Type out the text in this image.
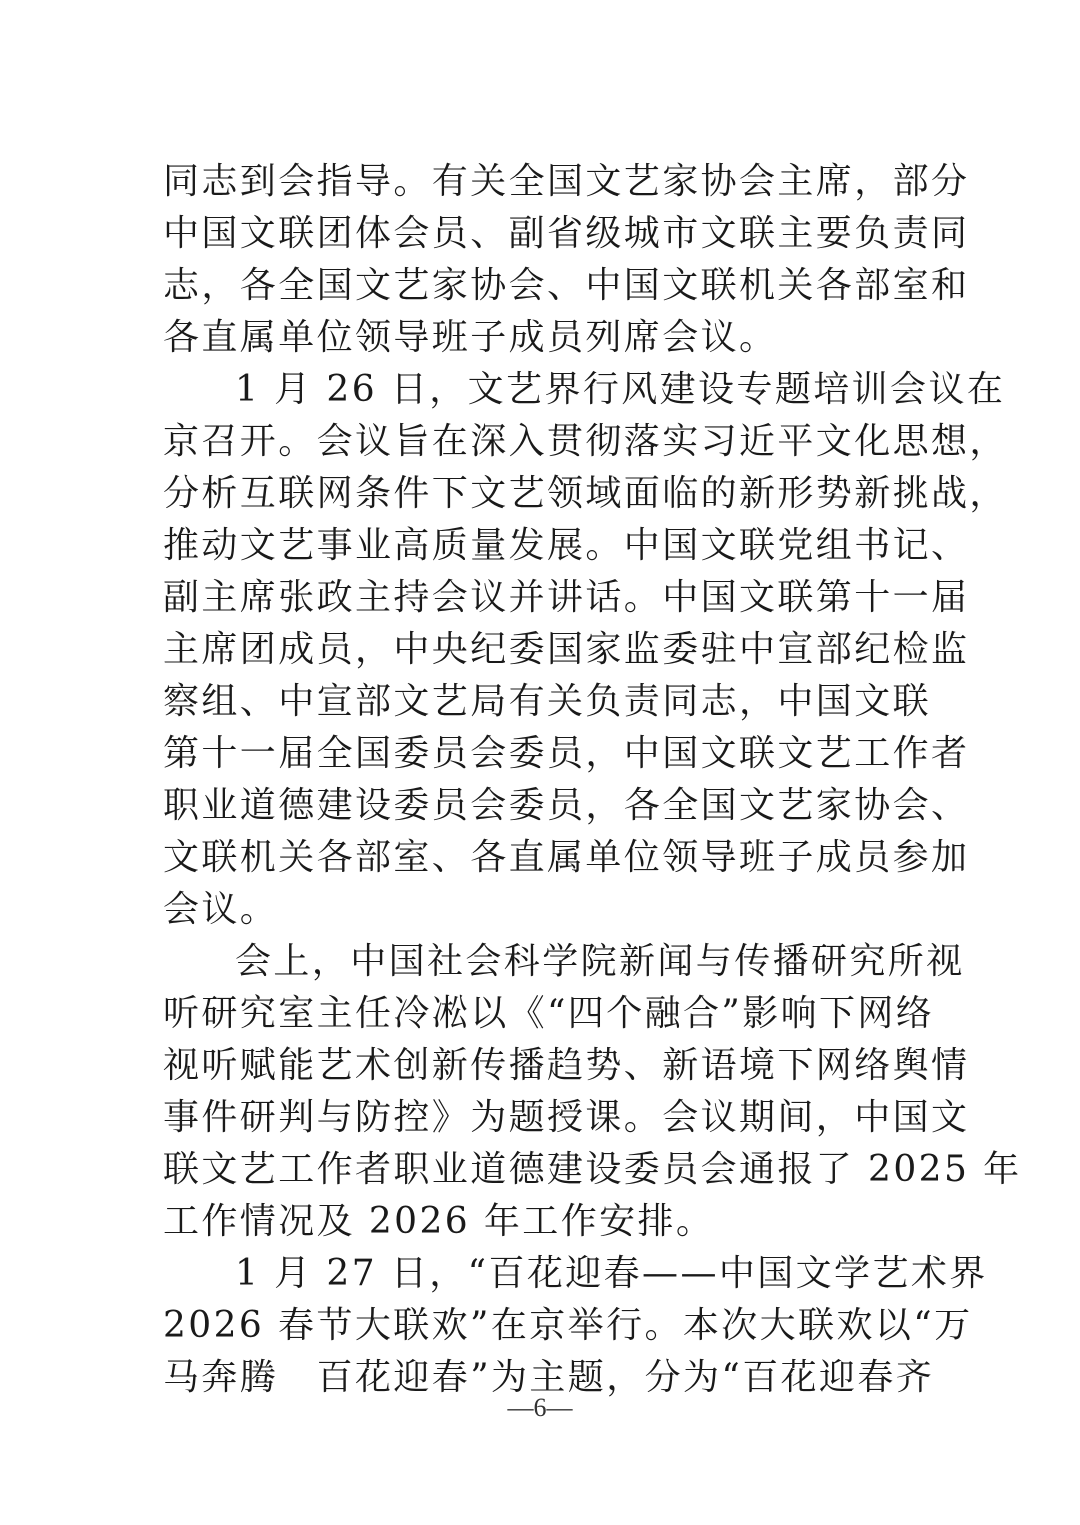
同志到会指导。有关全国文艺家协会主席，部分
中国文联团体会员、副省级城市文联主要负责同
志，各全国文艺家协会、中国文联机关各部室和
各直属单位领导班子成员列席会议。
1 月 26 日，文艺界行风建设专题培训会议在
京召开。会议旨在深入贯彻落实习近平文化思想，
分析互联网条件下文艺领域面临的新形势新挑战，
推动文艺事业高质量发展。中国文联党组书记、
副主席张政主持会议并讲话。中国文联第十一届
主席团成员，中央纪委国家监委驻中宣部纪检监
察组、中宣部文艺局有关负责同志，中国文联
第十一届全国委员会委员，中国文联文艺工作者
职业道德建设委员会委员，各全国文艺家协会、
文联机关各部室、各直属单位领导班子成员参加
会议。
会上，中国社会科学院新闻与传播研究所视
听研究室主任冷凇以《“四个融合”影响下网络
视听赋能艺术创新传播趋势、新语境下网络舆情
事件研判与防控》为题授课。会议期间，中国文
联文艺工作者职业道德建设委员会通报了 2025 年
工作情况及 2026 年工作安排。
1 月 27 日，“百花迎春——中国文学艺术界
2026 春节大联欢”在京举行。本次大联欢以“万
马奔腾　百花迎春”为主题，分为“百花迎春齐
—6—
